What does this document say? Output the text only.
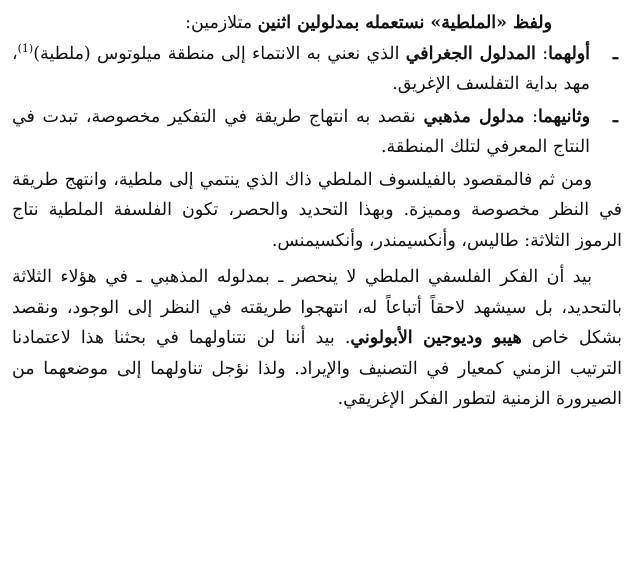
ولفظ «الملطية» نستعمله بمدلولين اثنين متلازمين:

ـ
أولهما: المدلول الجغرافي الذي نعني به الانتماء إلى منطقة ميلوتوس (ملطية)$^{(1)}$، مهد بداية التفلسف الإغريق.

ـ
وثانيهما: مدلول مذهبي نقصد به انتهاج طريقة في التفكير مخصوصة، تبدت في النتاج المعرفي لتلك المنطقة.

ومن ثم فالمقصود بالفيلسوف الملطي ذاك الذي ينتمي إلى ملطية، وانتهج طريقة في النظر مخصوصة ومميزة. وبهذا التحديد والحصر، تكون الفلسفة الملطية نتاج الرموز الثلاثة: طاليس، وأنكسيمندر، وأنكسيمنس.

بيد أن الفكر الفلسفي الملطي لا ينحصر ـ بمدلوله المذهبي ـ في هؤلاء الثلاثة بالتحديد، بل سيشهد لاحقاً أتباعاً له، انتهجوا طريقته في النظر إلى الوجود، ونقصد بشكل خاص هيبو وديوجين الأبولوني. بيد أننا لن نتناولهما في بحثنا هذا لاعتمادنا الترتيب الزمني كمعيار في التصنيف والإيراد. ولذا نؤجل تناولهما إلى موضعهما من الصيرورة الزمنية لتطور الفكر الإغريقي.
